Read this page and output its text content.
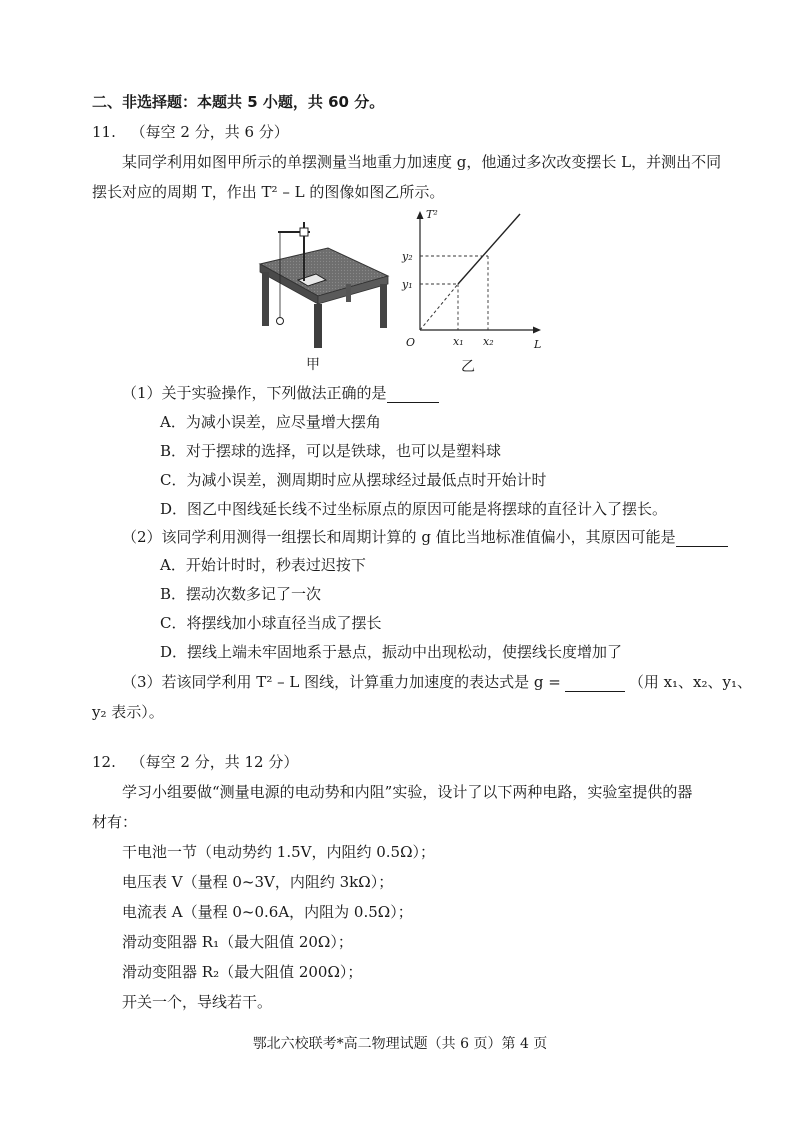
二、非选择题：本题共 5 小题，共 60 分。
11. （每空 2 分，共 6 分）
某同学利用如图甲所示的单摆测量当地重力加速度 g，他通过多次改变摆长 L，并测出不同
摆长对应的周期 T，作出 T² – L 的图像如图乙所示。
甲
T²
L
O
y₁
y₂
x₁ x₂
乙
（1）关于实验操作，下列做法正确的是
A．为减小误差，应尽量增大摆角
B．对于摆球的选择，可以是铁球，也可以是塑料球
C．为减小误差，测周期时应从摆球经过最低点时开始计时
D．图乙中图线延长线不过坐标原点的原因可能是将摆球的直径计入了摆长。
（2）该同学利用测得一组摆长和周期计算的 g 值比当地标准值偏小，其原因可能是
A．开始计时时，秒表过迟按下
B．摆动次数多记了一次
C．将摆线加小球直径当成了摆长
D．摆线上端未牢固地系于悬点，振动中出现松动，使摆线长度增加了
（3）若该同学利用 T² – L 图线，计算重力加速度的表达式是 g =	（用 x₁、x₂、y₁、
y₂ 表示）。
12. （每空 2 分，共 12 分）
学习小组要做“测量电源的电动势和内阻”实验，设计了以下两种电路，实验室提供的器
材有：
干电池一节（电动势约 1.5V，内阻约 0.5Ω）；
电压表 V（量程 0~3V，内阻约 3kΩ）；
电流表 A（量程 0~0.6A，内阻为 0.5Ω）；
滑动变阻器 R₁（最大阻值 20Ω）；
滑动变阻器 R₂（最大阻值 200Ω）；
开关一个，导线若干。
鄂北六校联考*高二物理试题（共 6 页）第 4 页
